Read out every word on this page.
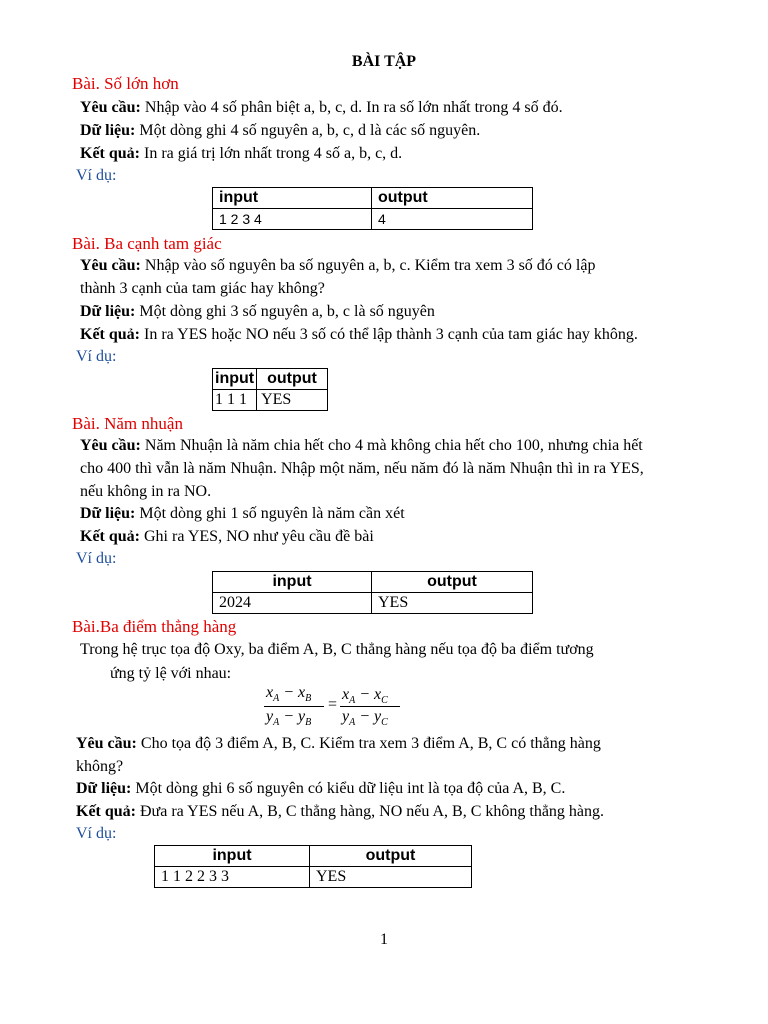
BÀI TẬP
Bài. Số lớn hơn
Yêu cầu: Nhập vào 4 số phân biệt a, b, c, d. In ra số lớn nhất trong 4 số đó.
Dữ liệu: Một dòng ghi 4 số nguyên a, b, c, d là các số nguyên.
Kết quả: In ra giá trị lớn nhất trong 4 số a, b, c, d.
Ví dụ:
input	output
1 2 3 4	4
Bài. Ba cạnh tam giác
Yêu cầu: Nhập vào số nguyên ba số nguyên a, b, c. Kiểm tra xem 3 số đó có lập
thành 3 cạnh của tam giác hay không?
Dữ liệu: Một dòng ghi 3 số nguyên a, b, c là số nguyên
Kết quả: In ra YES hoặc NO nếu 3 số có thể lập thành 3 cạnh của tam giác hay không.
Ví dụ:
input	output
1 1 1	YES
Bài. Năm nhuận
Yêu cầu: Năm Nhuận là năm chia hết cho 4 mà không chia hết cho 100, nhưng chia hết
cho 400 thì vẫn là năm Nhuận. Nhập một năm, nếu năm đó là năm Nhuận thì in ra YES,
nếu không in ra NO.
Dữ liệu: Một dòng ghi 1 số nguyên là năm cần xét
Kết quả: Ghi ra YES, NO như yêu cầu đề bài
Ví dụ:
input	output
2024	YES
Bài.Ba điểm thẳng hàng
Trong hệ trục tọa độ Oxy, ba điểm A, B, C thẳng hàng nếu tọa độ ba điểm tương
ứng tỷ lệ với nhau:
$x_A - x_B$
$y_A - y_B$
=
$x_A - x_C$
$y_A - y_C$
Yêu cầu: Cho tọa độ 3 điểm A, B, C. Kiểm tra xem 3 điểm A, B, C có thẳng hàng
không?
Dữ liệu: Một dòng ghi 6 số nguyên có kiểu dữ liệu int là tọa độ của A, B, C.
Kết quả: Đưa ra YES nếu A, B, C thẳng hàng, NO nếu A, B, C không thẳng hàng.
Ví dụ:
input	output
1 1 2 2 3 3	YES
1
